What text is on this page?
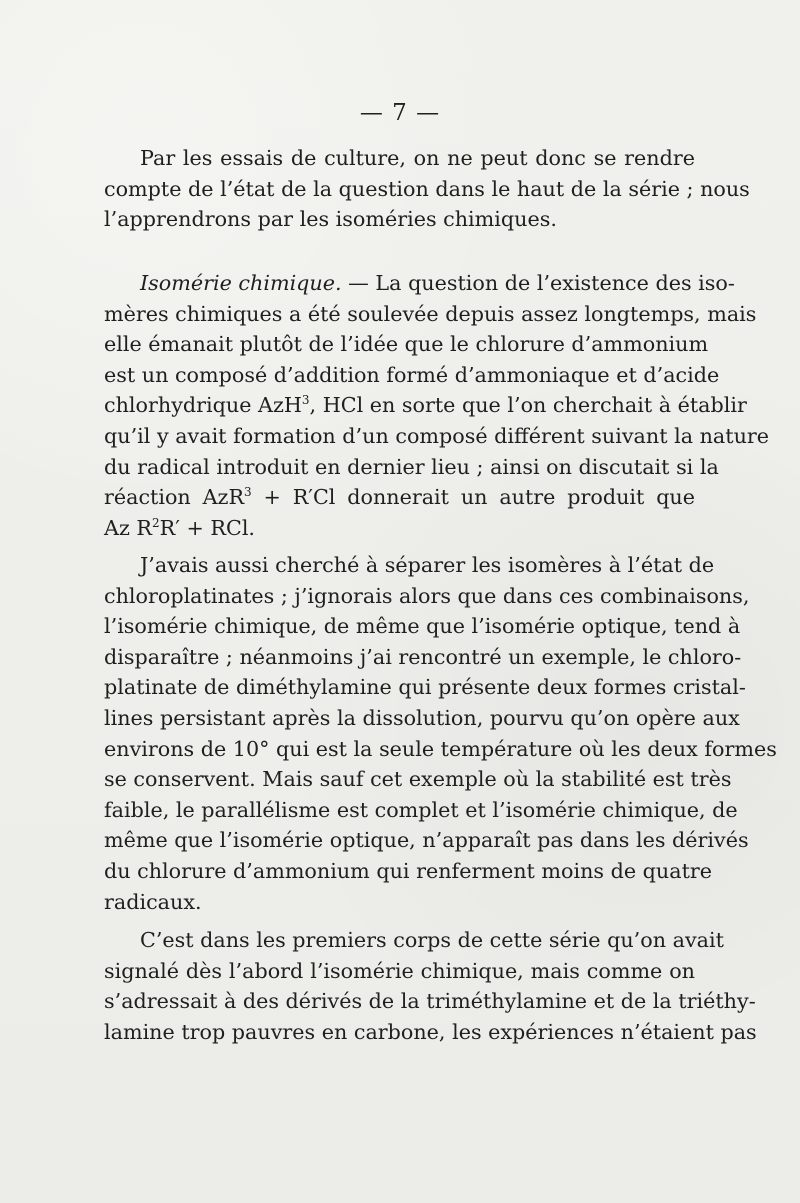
— 7 —
Par les essais de culture, on ne peut donc se rendre
compte de l’état de la question dans le haut de la série ; nous
l’apprendrons par les isoméries chimiques.
Isomérie chimique. — La question de l’existence des iso-
mères chimiques a été soulevée depuis assez longtemps, mais
elle émanait plutôt de l’idée que le chlorure d’ammonium
est un composé d’addition formé d’ammoniaque et d’acide
chlorhydrique AzH$^3$, HCl en sorte que l’on cherchait à établir
qu’il y avait formation d’un composé différent suivant la nature
du radical introduit en dernier lieu ; ainsi on discutait si la
réaction AzR$^3$ + R′Cl donnerait un autre produit que
Az $R^2R'$ + RCl.
J’avais aussi cherché à séparer les isomères à l’état de
chloroplatinates ; j’ignorais alors que dans ces combinaisons,
l’isomérie chimique, de même que l’isomérie optique, tend à
disparaître ; néanmoins j’ai rencontré un exemple, le chloro-
platinate de diméthylamine qui présente deux formes cristal-
lines persistant après la dissolution, pourvu qu’on opère aux
environs de 10° qui est la seule température où les deux formes
se conservent. Mais sauf cet exemple où la stabilité est très
faible, le parallélisme est complet et l’isomérie chimique, de
même que l’isomérie optique, n’apparaît pas dans les dérivés
du chlorure d’ammonium qui renferment moins de quatre
radicaux.
C’est dans les premiers corps de cette série qu’on avait
signalé dès l’abord l’isomérie chimique, mais comme on
s’adressait à des dérivés de la triméthylamine et de la triéthy-
lamine trop pauvres en carbone, les expériences n’étaient pas
